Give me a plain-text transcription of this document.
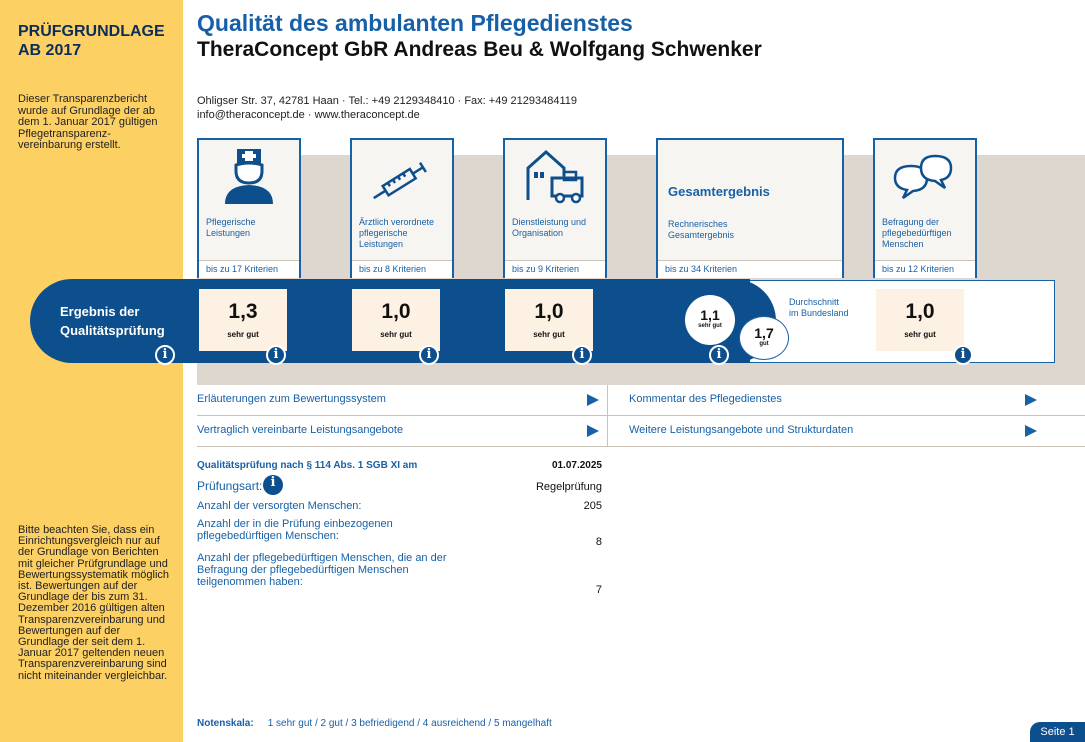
PRÜFGRUNDLAGE
AB 2017
Dieser Transparenzbericht wurde auf Grundlage der ab dem 1. Januar 2017 gültigen Pflegetransparenz-vereinbarung erstellt.
Bitte beachten Sie, dass ein Einrichtungsvergleich nur auf der Grundlage von Berichten mit gleicher Prüfgrundlage und Bewertungssystematik möglich ist. Bewertungen auf der Grundlage der bis zum 31. Dezember 2016 gültigen alten Transparenzvereinbarung und Bewertungen auf der Grundlage der seit dem 1. Januar 2017 geltenden neuen Transparenzvereinbarung sind nicht miteinander vergleichbar.
Qualität des ambulanten Pflegedienstes
TheraConcept GbR Andreas Beu & Wolfgang Schwenker
Ohligser Str. 37, 42781 Haan · Tel.: +49 2129348410 · Fax: +49 21293484119
info@theraconcept.de · www.theraconcept.de
Pflegerische Leistungen
bis zu 17 Kriterien
Ärztlich verordnete pflegerische Leistungen
bis zu 8 Kriterien
Dienstleistung und Organisation
bis zu 9 Kriterien
Gesamtergebnis
Rechnerisches Gesamtergebnis
bis zu 34 Kriterien
Befragung der pflegebedürftigen Menschen
bis zu 12 Kriterien
Ergebnis der
Qualitätsprüfung
1,3
sehr gut
1,0
sehr gut
1,0
sehr gut
1,0
sehr gut
1,1
sehr gut	1,7
gut
Durchschnitt
im Bundesland
i	i	i	i	i	i
Erläuterungen zum Bewertungssystem	Kommentar des Pflegedienstes
Vertraglich vereinbarte Leistungsangebote	Weitere Leistungsangebote und Strukturdaten
Qualitätsprüfung nach § 114 Abs. 1 SGB XI am	01.07.2025
Prüfungsart: i	Regelprüfung
Anzahl der versorgten Menschen:	205
Anzahl der in die Prüfung einbezogenen pflegebedürftigen Menschen:	8
Anzahl der pflegebedürftigen Menschen, die an der Befragung der pflegebedürftigen Menschen teilgenommen haben:
7
Notenskala: 1 sehr gut / 2 gut / 3 befriedigend / 4 ausreichend / 5 mangelhaft
Seite 1
